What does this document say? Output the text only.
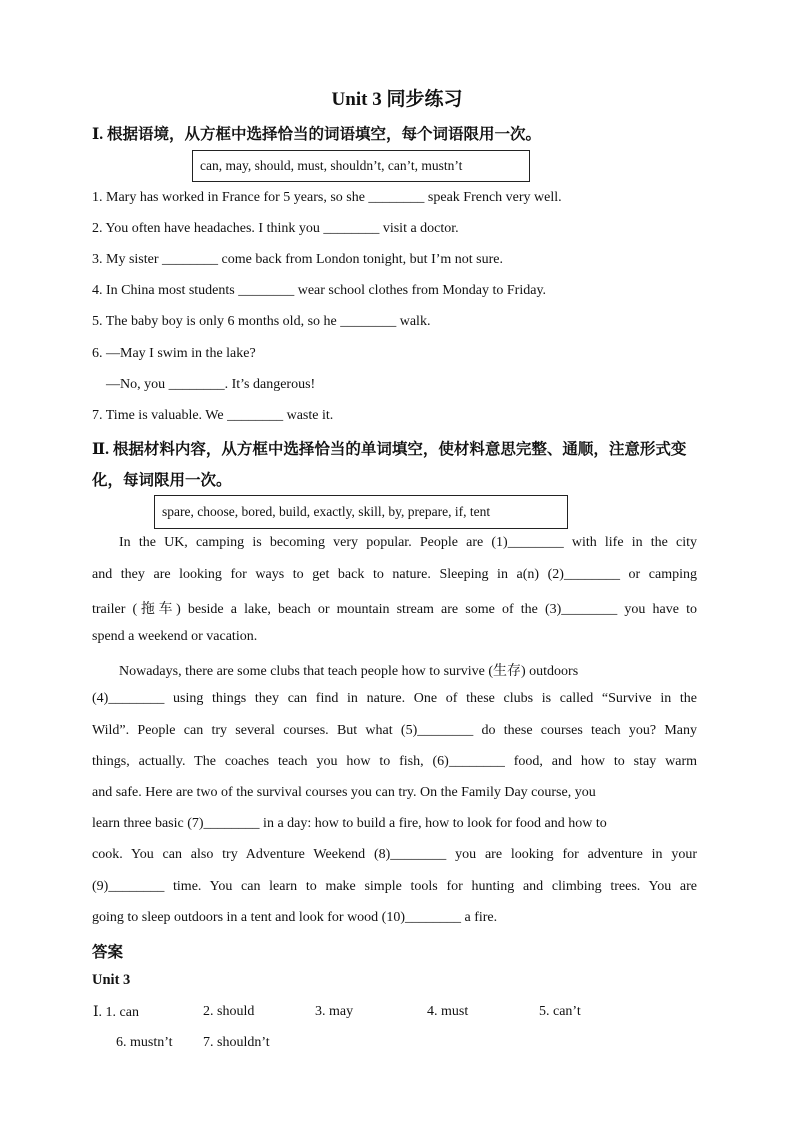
Unit 3 同步练习
Ⅰ. 根据语境，从方框中选择恰当的词语填空，每个词语限用一次。
can, may, should, must, shouldn’t, can’t, mustn’t
1. Mary has worked in France for 5 years, so she ________ speak French very well.
2. You often have headaches. I think you ________ visit a doctor.
3. My sister ________ come back from London tonight, but I’m not sure.
4. In China most students ________ wear school clothes from Monday to Friday.
5. The baby boy is only 6 months old, so he ________ walk.
6. —May I swim in the lake?
—No, you ________. It’s dangerous!
7. Time is valuable. We ________ waste it.
Ⅱ. 根据材料内容，从方框中选择恰当的单词填空，使材料意思完整、通顺，注意形式变
化，每词限用一次。
spare, choose, bored, build, exactly, skill, by, prepare, if, tent
In the UK, camping is becoming very popular. People are (1)________ with life in the city
and they are looking for ways to get back to nature. Sleeping in a(n) (2)________ or camping
trailer (拖车) beside a lake, beach or mountain stream are some of the (3)________ you have to
spend a weekend or vacation.
Nowadays, there are some clubs that teach people how to survive (生存) outdoors
(4)________ using things they can find in nature. One of these clubs is called “Survive in the
Wild”. People can try several courses. But what (5)________ do these courses teach you? Many
things, actually. The coaches teach you how to fish, (6)________ food, and how to stay warm
and safe. Here are two of the survival courses you can try. On the Family Day course, you
learn three basic (7)________ in a day: how to build a fire, how to look for food and how to
cook. You can also try Adventure Weekend (8)________ you are looking for adventure in your
(9)________ time. You can learn to make simple tools for hunting and climbing trees. You are
going to sleep outdoors in a tent and look for wood (10)________ a fire.
答案
Unit 3
Ⅰ. 1. can	2. should	3. may	4. must	5. can’t
6. mustn’t 7. shouldn’t
